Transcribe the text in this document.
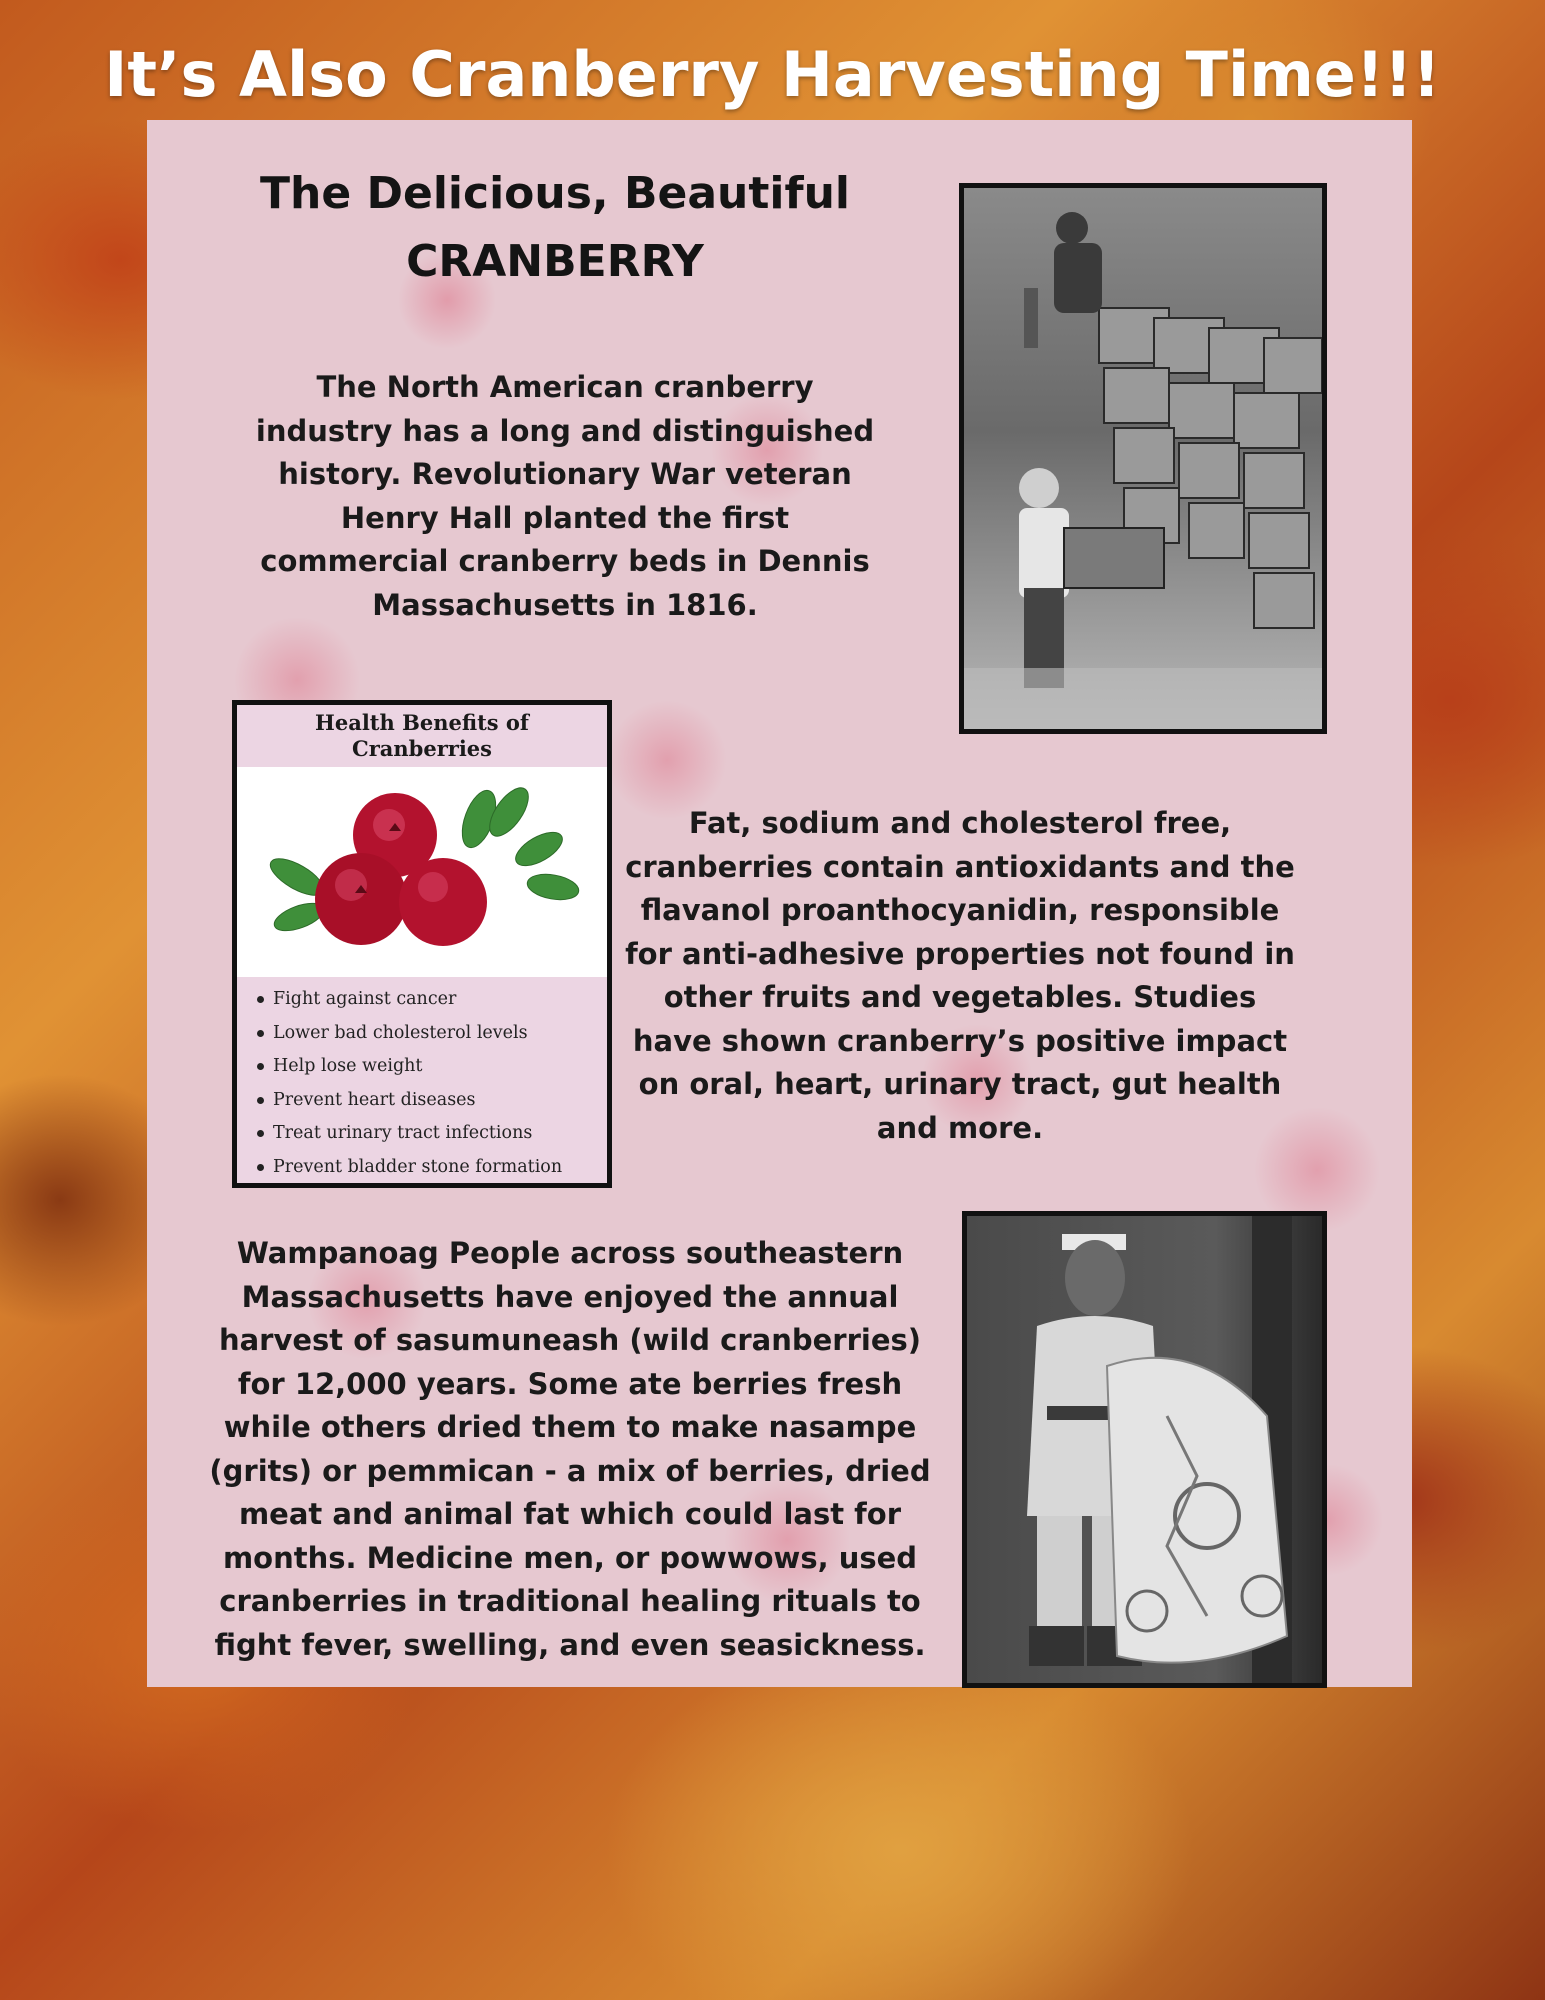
It’s Also Cranberry Harvesting Time!!!
The Delicious, Beautiful
CRANBERRY

The North American cranberry industry has a long and distinguished history. Revolutionary War veteran Henry Hall planted the first commercial cranberry beds in Dennis Massachusetts in 1816.

Health Benefits of
Cranberries
Fight against cancer
Lower bad cholesterol levels
Help lose weight
Prevent heart diseases
Treat urinary tract infections
Prevent bladder stone formation

Fat, sodium and cholesterol free, cranberries contain antioxidants and the flavanol proanthocyanidin, responsible for anti-adhesive properties not found in other fruits and vegetables. Studies have shown cranberry’s positive impact on oral, heart, urinary tract, gut health and more.

Wampanoag People across southeastern Massachusetts have enjoyed the annual harvest of sasumuneash (wild cranberries) for 12,000 years. Some ate berries fresh while others dried them to make nasampe (grits) or pemmican - a mix of berries, dried meat and animal fat which could last for months. Medicine men, or powwows, used cranberries in traditional healing rituals to fight fever, swelling, and even seasickness.
